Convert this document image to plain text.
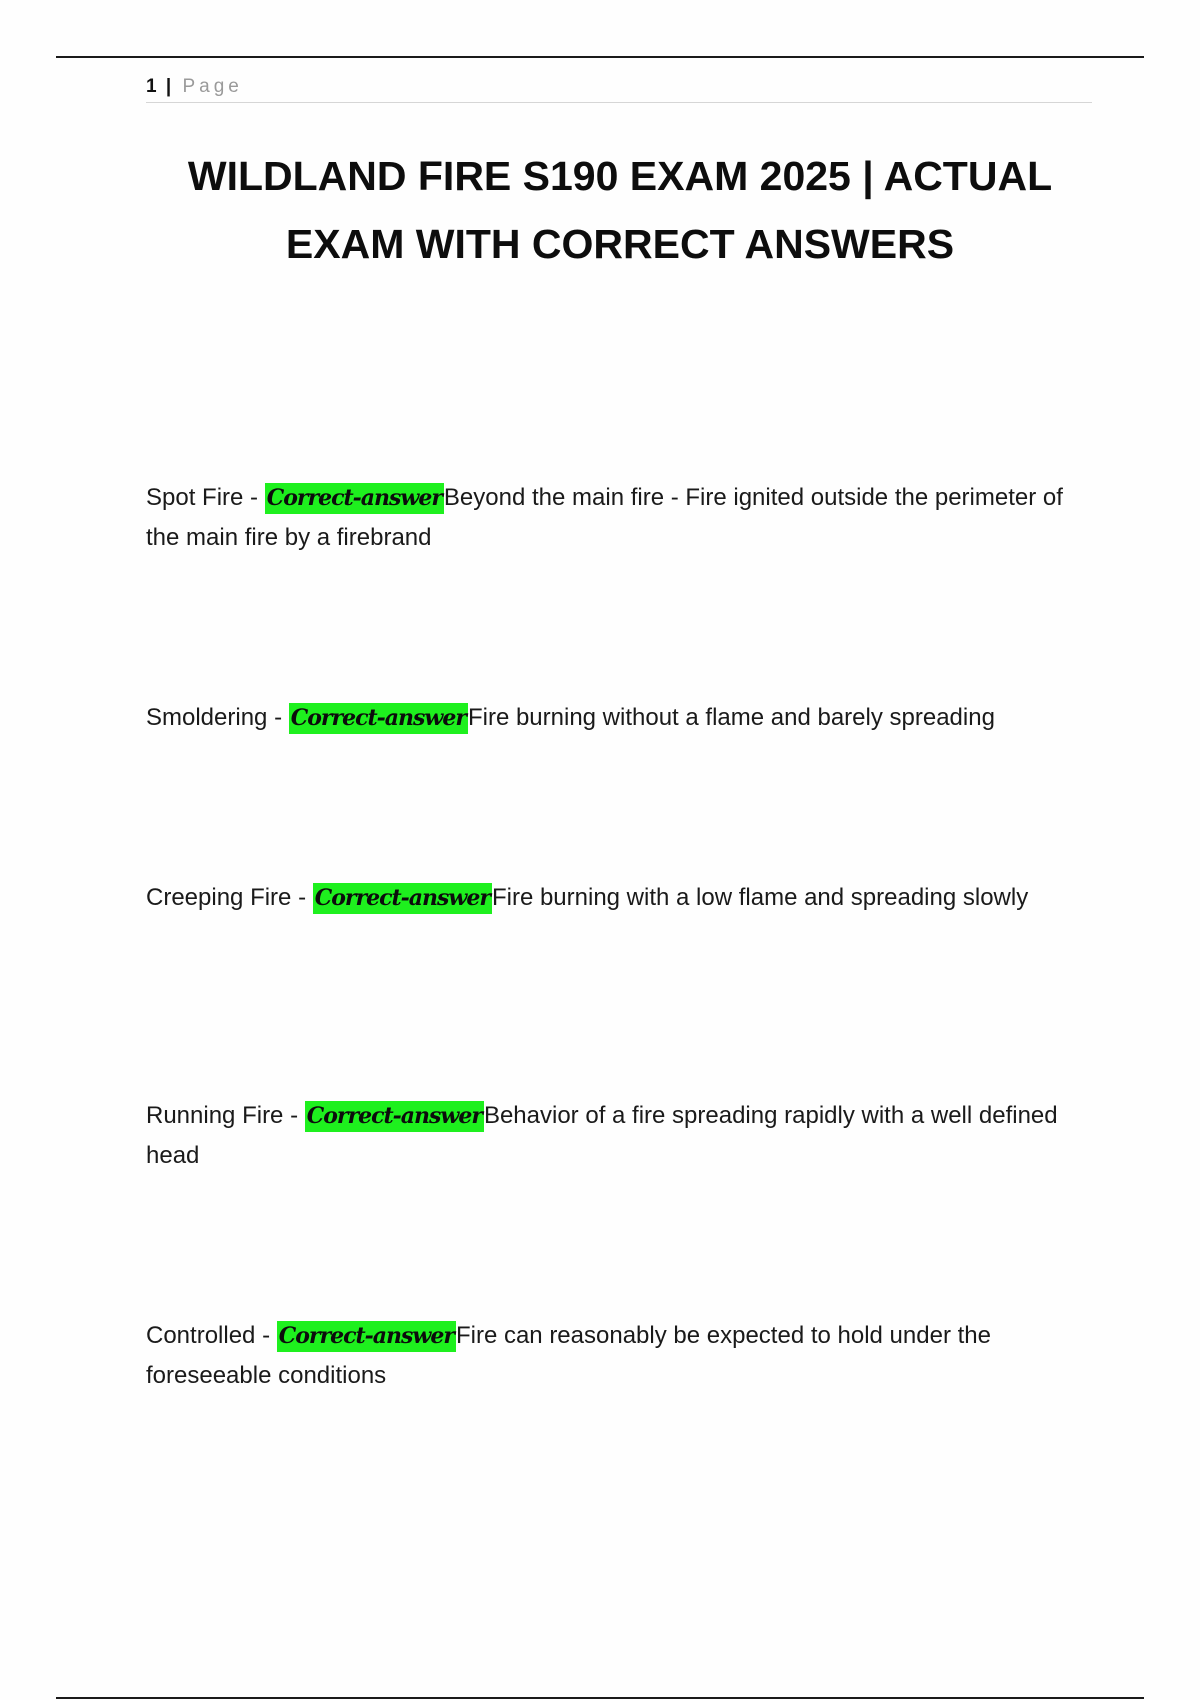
1 | Page
WILDLAND FIRE S190 EXAM 2025 | ACTUAL EXAM WITH CORRECT ANSWERS
Spot Fire - Correct-answerBeyond the main fire - Fire ignited outside the perimeter of the main fire by a firebrand
Smoldering - Correct-answerFire burning without a flame and barely spreading
Creeping Fire - Correct-answerFire burning with a low flame and spreading slowly
Running Fire - Correct-answerBehavior of a fire spreading rapidly with a well defined head
Controlled - Correct-answerFire can reasonably be expected to hold under the foreseeable conditions
